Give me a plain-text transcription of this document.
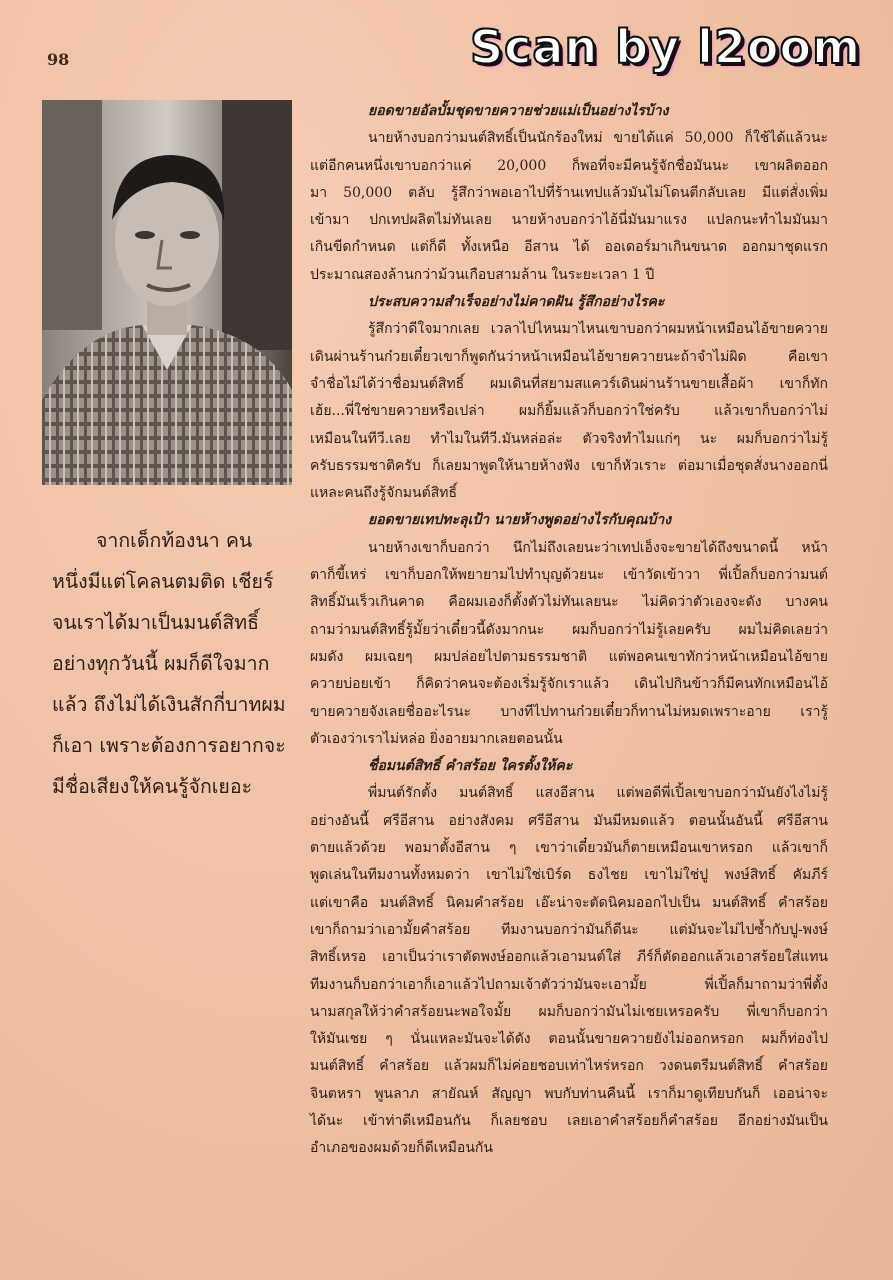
98	Scan by l2oom
จากเด็กท้องนา คน
หนึ่งมีแต่โคลนตมติด เชียร์
จนเราได้มาเป็นมนต์สิทธิ์
อย่างทุกวันนี้ ผมก็ดีใจมาก
แล้ว ถึงไม่ได้เงินสักกี่บาทผม
ก็เอา เพราะต้องการอยากจะ
มีชื่อเสียงให้คนรู้จักเยอะ
ยอดขายอัลบั้มชุดขายควายช่วยแม่เป็นอย่างไรบ้าง
นายห้างบอกว่ามนต์สิทธิ์เป็นนักร้องใหม่ ขายได้แค่ 50,000 ก็ใช้ได้แล้วนะ
แต่อีกคนหนึ่งเขาบอกว่าแค่ 20,000 ก็พอที่จะมีคนรู้จักชื่อมันนะ เขาผลิตออก
มา 50,000 ตลับ รู้สึกว่าพอเอาไปที่ร้านเทปแล้วมันไม่โดนตีกลับเลย มีแต่สั่งเพิ่ม
เข้ามา ปกเทปผลิตไม่ทันเลย นายห้างบอกว่าไอ้นี่มันมาแรง แปลกนะทำไมมันมา
เกินขีดกำหนด แต่ก็ดี ทั้งเหนือ อีสาน ได้ ออเดอร์มาเกินขนาด ออกมาชุดแรก
ประมาณสองล้านกว่าม้วนเกือบสามล้าน ในระยะเวลา 1 ปี
ประสบความสำเร็จอย่างไม่คาดฝัน รู้สึกอย่างไรคะ
รู้สึกว่าดีใจมากเลย เวลาไปไหนมาไหนเขาบอกว่าผมหน้าเหมือนไอ้ขายควาย
เดินผ่านร้านก๋วยเตี๋ยวเขาก็พูดกันว่าหน้าเหมือนไอ้ขายควายนะถ้าจำไม่ผิด คือเขา
จำชื่อไม่ได้ว่าชื่อมนต์สิทธิ์ ผมเดินที่สยามสแควร์เดินผ่านร้านขายเสื้อผ้า เขาก็ทัก
เฮ้ย...พี่ใช่ขายควายหรือเปล่า ผมก็ยิ้มแล้วก็บอกว่าใช่ครับ แล้วเขาก็บอกว่าไม่
เหมือนในทีวี.เลย ทำไมในทีวี.มันหล่อล่ะ ตัวจริงทำไมแก่ๆ นะ ผมก็บอกว่าไม่รู้
ครับธรรมชาติครับ ก็เลยมาพูดให้นายห้างฟัง เขาก็หัวเราะ ต่อมาเมื่อชุดสั่งนางออกนี่
แหละคนถึงรู้จักมนต์สิทธิ์
ยอดขายเทปทะลุเป้า นายห้างพูดอย่างไรกับคุณบ้าง
นายห้างเขาก็บอกว่า นึกไม่ถึงเลยนะว่าเทปเอ็งจะขายได้ถึงขนาดนี้ หน้า
ตาก็ขี้เหร่ เขาก็บอกให้พยายามไปทำบุญด้วยนะ เข้าวัดเข้าวา พี่เปิ้ลก็บอกว่ามนต์
สิทธิ์มันเร็วเกินคาด คือผมเองก็ตั้งตัวไม่ทันเลยนะ ไม่คิดว่าตัวเองจะดัง บางคน
ถามว่ามนต์สิทธิ์รู้มั้ยว่าเดี๋ยวนี้ดังมากนะ ผมก็บอกว่าไม่รู้เลยครับ ผมไม่คิดเลยว่า
ผมดัง ผมเฉยๆ ผมปล่อยไปตามธรรมชาติ แต่พอคนเขาทักว่าหน้าเหมือนไอ้ขาย
ควายบ่อยเข้า ก็คิดว่าคนจะต้องเริ่มรู้จักเราแล้ว เดินไปกินข้าวก็มีคนทักเหมือนไอ้
ขายควายจังเลยชื่ออะไรนะ บางทีไปทานก๋วยเตี๋ยวก็ทานไม่หมดเพราะอาย เรารู้
ตัวเองว่าเราไม่หล่อ ยิ่งอายมากเลยตอนนั้น
ชื่อมนต์สิทธิ์ คำสร้อย ใครตั้งให้คะ
พี่มนต์รักตั้ง มนต์สิทธิ์ แสงอีสาน แต่พอดีพี่เปิ้ลเขาบอกว่ามันยังไงไม่รู้
อย่างอันนี้ ศรีอีสาน อย่างสังคม ศรีอีสาน มันมีหมดแล้ว ตอนนั้นอันนี้ ศรีอีสาน
ตายแล้วด้วย พอมาตั้งอีสาน ๆ เขาว่าเดี๋ยวมันก็ตายเหมือนเขาหรอก แล้วเขาก็
พูดเล่นในทีมงานทั้งหมดว่า เขาไม่ใช่เบิร์ด ธงไชย เขาไม่ใช่ปู พงษ์สิทธิ์ คัมภีร์
แต่เขาคือ มนต์สิทธิ์ นิคมคำสร้อย เอ๊ะน่าจะตัดนิคมออกไปเป็น มนต์สิทธิ์ คำสร้อย
เขาก็ถามว่าเอามั้ยคำสร้อย ทีมงานบอกว่ามันก็ดีนะ แต่มันจะไม่ไปซ้ำกับปู-พงษ์
สิทธิ์เหรอ เอาเป็นว่าเราตัดพงษ์ออกแล้วเอามนต์ใส่ ภีร์ก็ตัดออกแล้วเอาสร้อยใส่แทน
ทีมงานก็บอกว่าเอาก็เอาแล้วไปถามเจ้าตัวว่ามันจะเอามั้ย พี่เปิ้ลก็มาถามว่าพี่ตั้ง
นามสกุลให้ว่าคำสร้อยนะพอใจมั้ย ผมก็บอกว่ามันไม่เชยเหรอครับ พี่เขาก็บอกว่า
ให้มันเชย ๆ นั่นแหละมันจะได้ดัง ตอนนั้นขายควายยังไม่ออกหรอก ผมก็ท่องไป
มนต์สิทธิ์ คำสร้อย แล้วผมก็ไม่ค่อยชอบเท่าไหร่หรอก วงดนตรีมนต์สิทธิ์ คำสร้อย
จินตหรา พูนลาภ สายัณห์ สัญญา พบกับท่านคืนนี้ เราก็มาดูเทียบกันก็ เออน่าจะ
ได้นะ เข้าท่าดีเหมือนกัน ก็เลยชอบ เลยเอาคำสร้อยก็คำสร้อย อีกอย่างมันเป็น
อำเภอของผมด้วยก็ดีเหมือนกัน
